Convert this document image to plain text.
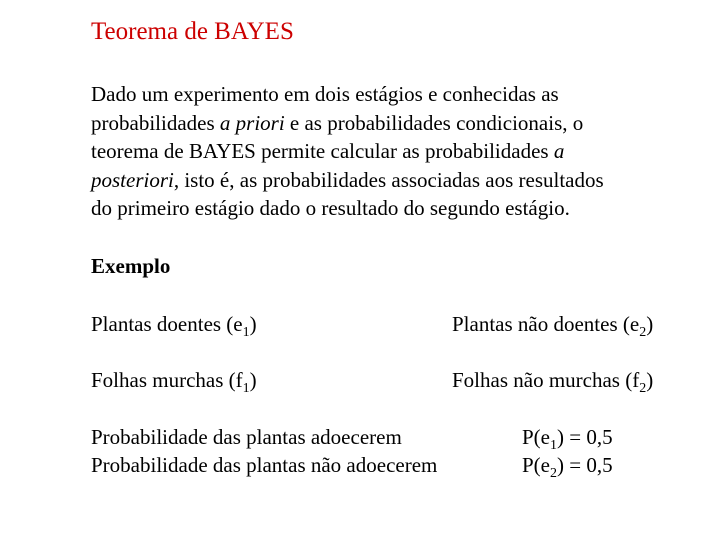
Teorema de BAYES
Dado um experimento em dois estágios e conhecidas as
probabilidades a priori e as probabilidades condicionais, o
teorema de BAYES permite calcular as probabilidades a
posteriori, isto é, as probabilidades associadas aos resultados
do primeiro estágio dado o resultado do segundo estágio.
Exemplo
Plantas doentes $(e_1)$	Plantas não doentes $(e_2)$
Folhas murchas $(f_1)$	Folhas não murchas $(f_2)$
Probabilidade das plantas adoecerem	$P(e_1) = 0,5$
Probabilidade das plantas não adoecerem	$P(e_2) = 0,5$
